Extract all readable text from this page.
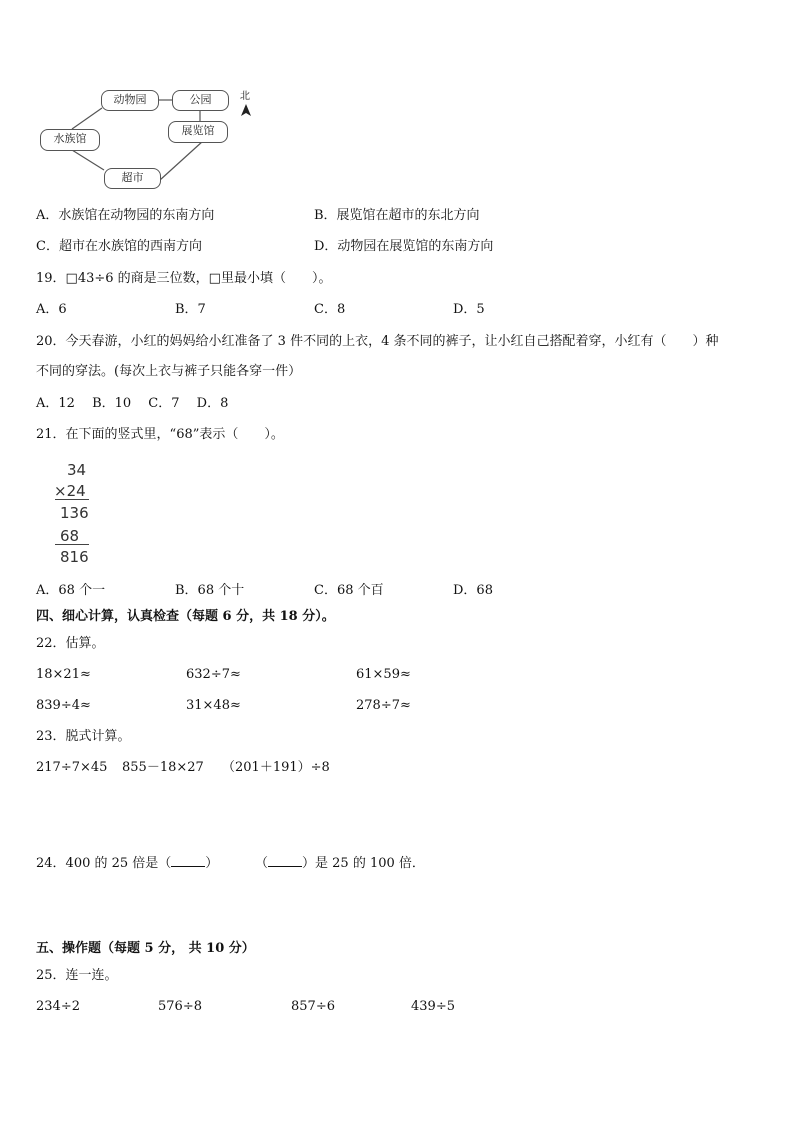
动物园	公园
水族馆
展览馆
超市
北
A．水族馆在动物园的东南方向	B．展览馆在超市的东北方向
C．超市在水族馆的西南方向	D．动物园在展览馆的东南方向
19．□43÷6 的商是三位数，□里最小填（　　）。
A．6	B．7	C．8	D．5
20．今天春游，小红的妈妈给小红准备了 3 件不同的上衣，4 条不同的裤子，让小红自己搭配着穿，小红有（　　）种
不同的穿法。(每次上衣与裤子只能各穿一件）
A．12　 B．10　 C．7　 D．8
21．在下面的竖式里，“68”表示（　　）。
34
×24
136
68
816
A．68 个一	B．68 个十	C．68 个百	D．68
四、细心计算，认真检查（每题 6 分，共 18 分）。
22．估算。
18×21≈	632÷7≈	61×59≈
839÷4≈	31×48≈	278÷7≈
23．脱式计算。
217÷7×45 855－18×27 （201＋191）÷8
24．400 的 25 倍是（	）	（	）是 25 的 100 倍．
五、操作题（每题 5 分， 共 10 分）
25．连一连。
234÷2	576÷8	857÷6	439÷5
